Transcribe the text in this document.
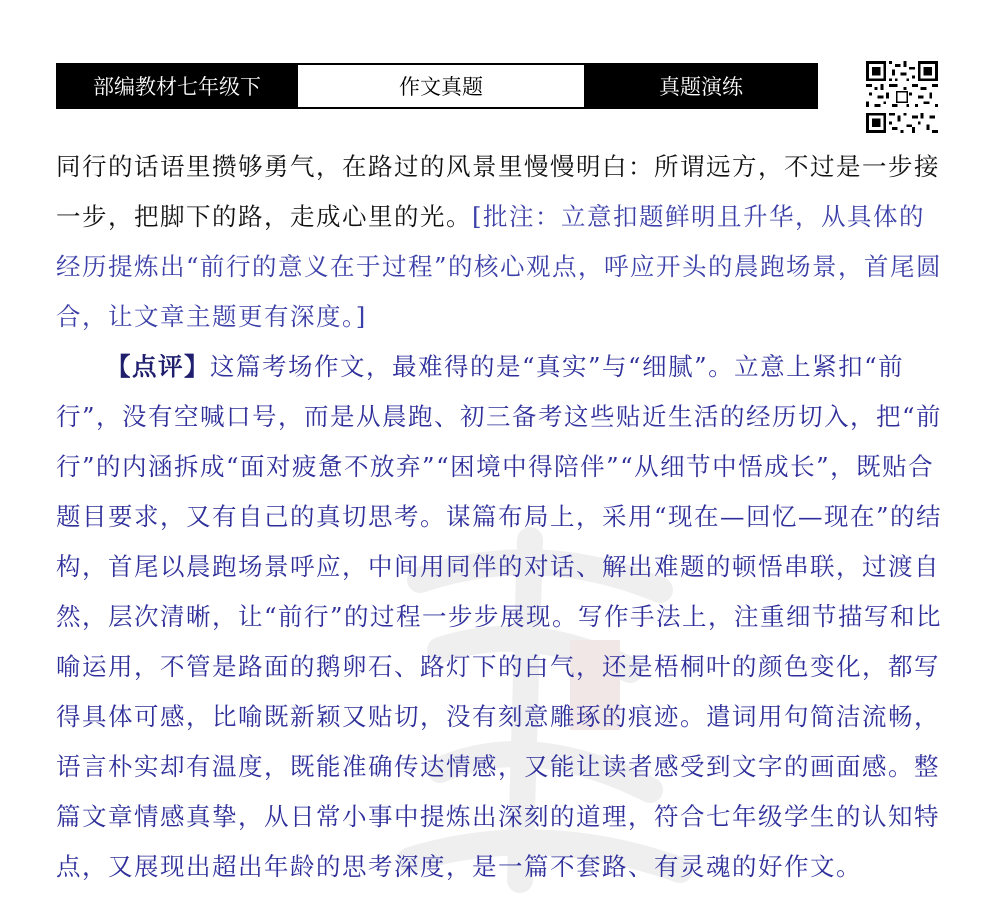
部编教材七年级下	作文真题	真题演练

同行的话语里攒够勇气，在路过的风景里慢慢明白：所谓远方，不过是一步接一步，把脚下的路，走成心里的光。[批注：立意扣题鲜明且升华，从具体的经历提炼出“前行的意义在于过程”的核心观点，呼应开头的晨跑场景，首尾圆合，让文章主题更有深度。]

【点评】这篇考场作文，最难得的是“真实”与“细腻”。立意上紧扣“前行”，没有空喊口号，而是从晨跑、初三备考这些贴近生活的经历切入，把“前行”的内涵拆成“面对疲惫不放弃”“困境中得陪伴”“从细节中悟成长”，既贴合题目要求，又有自己的真切思考。谋篇布局上，采用“现在—回忆—现在”的结构，首尾以晨跑场景呼应，中间用同伴的对话、解出难题的顿悟串联，过渡自然，层次清晰，让“前行”的过程一步步展现。写作手法上，注重细节描写和比喻运用，不管是路面的鹅卵石、路灯下的白气，还是梧桐叶的颜色变化，都写得具体可感，比喻既新颖又贴切，没有刻意雕琢的痕迹。遣词用句简洁流畅，语言朴实却有温度，既能准确传达情感，又能让读者感受到文字的画面感。整篇文章情感真挚，从日常小事中提炼出深刻的道理，符合七年级学生的认知特点，又展现出超出年龄的思考深度，是一篇不套路、有灵魂的好作文。
